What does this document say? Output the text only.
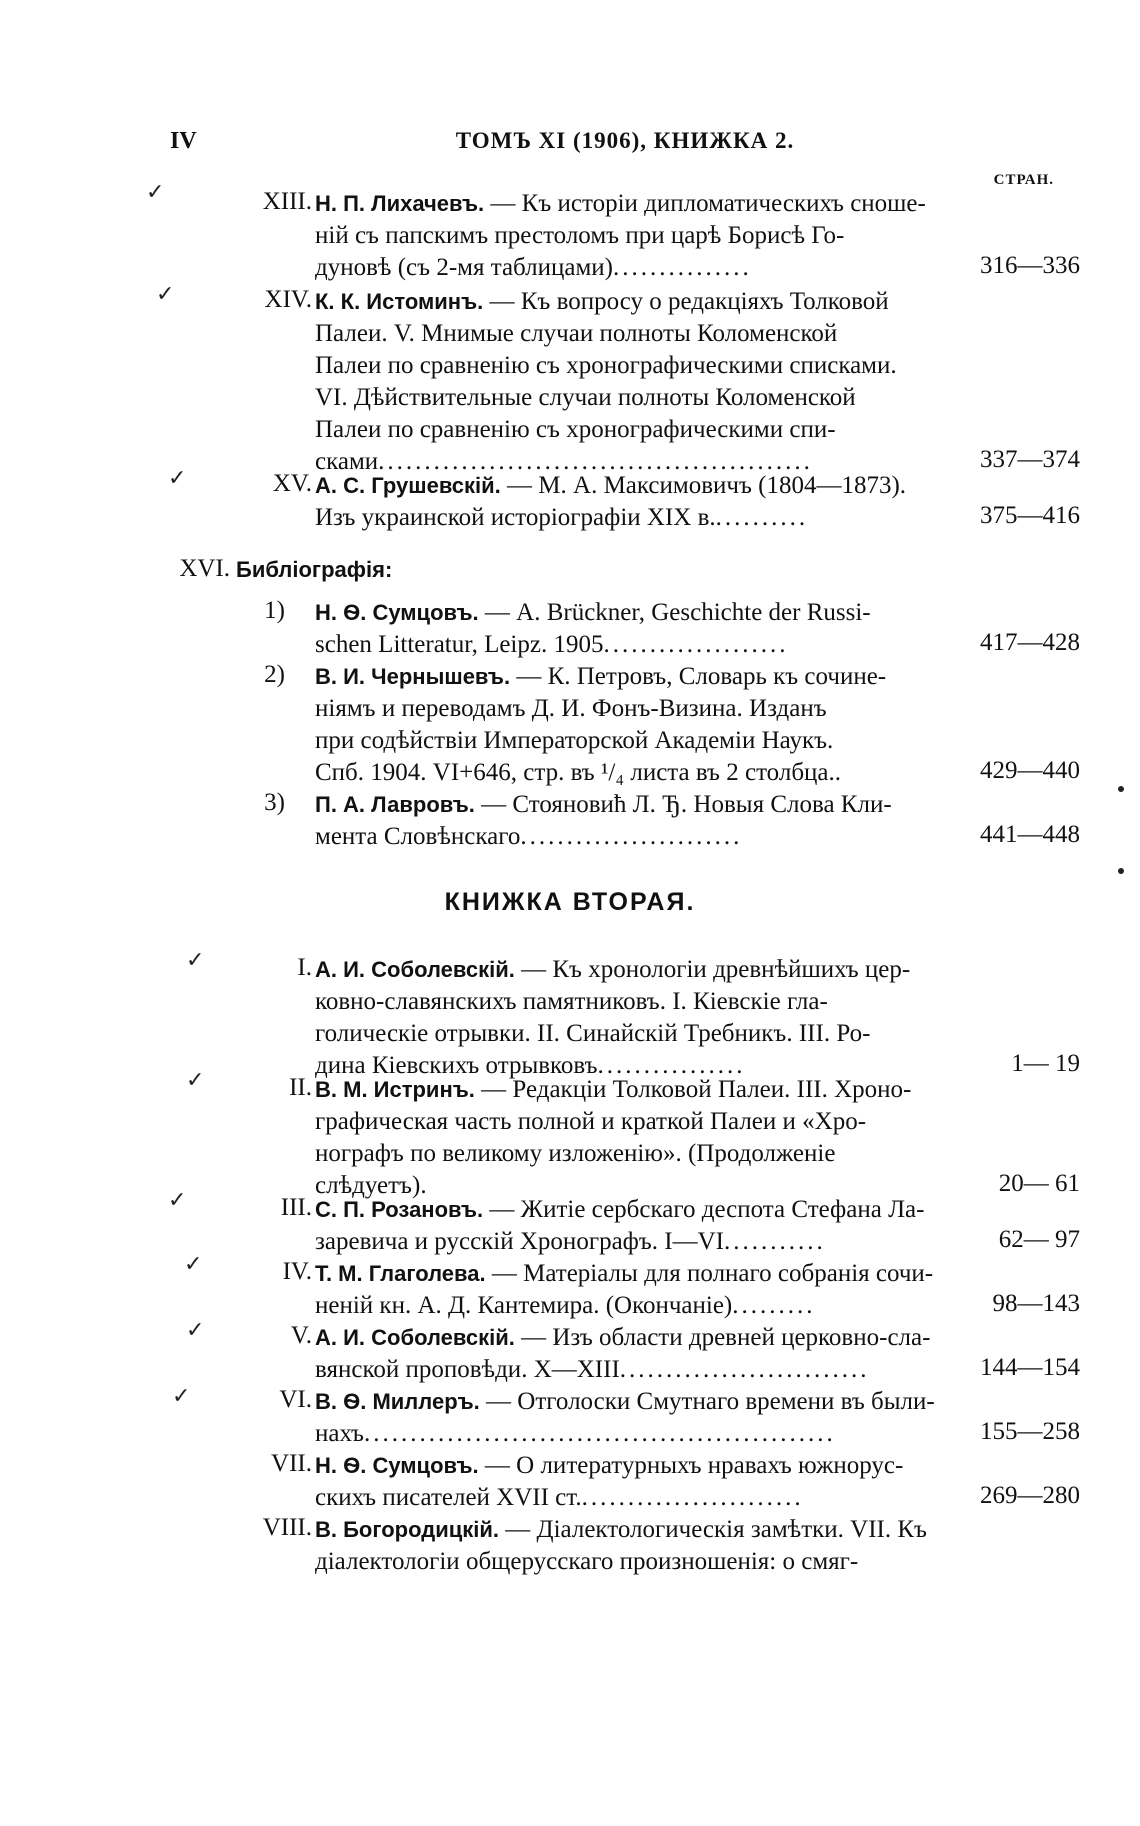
IV	ТОМЪ XI (1906), КНИЖКА 2.
СТРАН.
XIII. Н. П. Лихачевъ. — Къ исторіи дипломатическихъ сноше-
ній съ папскимъ престоломъ при царѣ Борисѣ Го-
дуновѣ (съ 2-мя таблицами)...............	316—336
XIV. К. К. Истоминъ. — Къ вопросу о редакціяхъ Толковой
Палеи. V. Мнимые случаи полноты Коломенской
Палеи по сравненію съ хронографическими списками.
VI. Дѣйствительные случаи полноты Коломенской
Палеи по сравненію съ хронографическими спи-
сками...............................................	337—374
XV. А. С. Грушевскій. — М. А. Максимовичъ (1804—1873).
Изъ украинской исторіографіи XIX в...........	375—416
XVI. Библіографія:
1) Н. Ѳ. Сумцовъ. — A. Brückner, Geschichte der Russi-
schen Litteratur, Leipz. 1905....................	417—428
2) В. И. Чернышевъ. — К. Петровъ, Словарь къ сочине-
ніямъ и переводамъ Д. И. Фонъ-Визина. Изданъ
при содѣйствіи Императорской Академіи Наукъ.
Спб. 1904. VI+646, стр. въ ¹/₄ листа въ 2 столбца..	429—440
3) П. А. Лавровъ. — Стояновић Л. Ђ. Новыя Слова Кли-
мента Словѣнскаго........................	441—448
КНИЖКА ВТОРАЯ.
I. А. И. Соболевскій. — Къ хронологіи древнѣйшихъ цер-
ковно-славянскихъ памятниковъ. I. Кіевскіе гла-
голическіе отрывки. II. Синайскій Требникъ. III. Ро-
дина Кіевскихъ отрывковъ................	1— 19
II. В. М. Истринъ. — Редакціи Толковой Палеи. III. Хроно-
графическая часть полной и краткой Палеи и «Хро-
нографъ по великому изложенію». (Продолженіе
слѣдуетъ).	20— 61
III. С. П. Розановъ. — Житіе сербскаго деспота Стефана Ла-
заревича и русскій Хронографъ. I—VI...........	62— 97
IV. Т. М. Глаголева. — Матеріалы для полнаго собранія сочи-
неній кн. А. Д. Кантемира. (Окончаніе).........	98—143
V. А. И. Соболевскій. — Изъ области древней церковно-сла-
вянской проповѣди. X—XIII...........................	144—154
VI. В. Ѳ. Миллеръ. — Отголоски Смутнаго времени въ были-
нахъ...................................................	155—258
VII. Н. Ѳ. Сумцовъ. — О литературныхъ нравахъ южнорус-
скихъ писателей XVII ст.........................	269—280
VIII. В. Богородицкій. — Діалектологическія замѣтки. VII. Къ
діалектологіи общерусскаго произношенія: о смяг-
✓
✓
✓
✓
✓
✓
✓
✓
✓
